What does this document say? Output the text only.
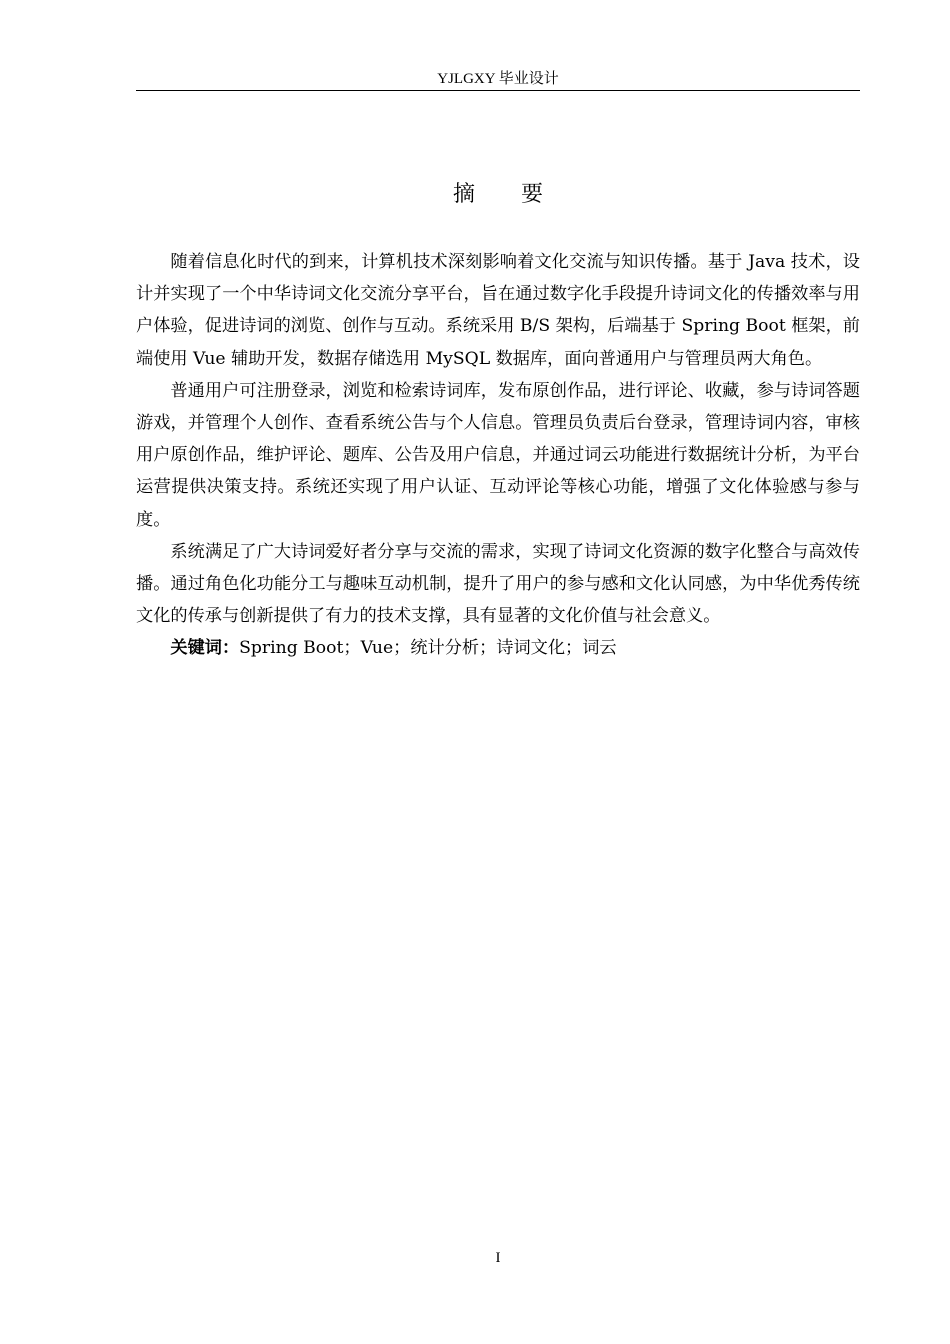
YJLGXY 毕业设计
摘要

随着信息化时代的到来，计算机技术深刻影响着文化交流与知识传播。基于 Java 技术，设计并实现了一个中华诗词文化交流分享平台，旨在通过数字化手段提升诗词文化的传播效率与用户体验，促进诗词的浏览、创作与互动。系统采用 B/S 架构，后端基于 Spring Boot 框架，前端使用 Vue 辅助开发，数据存储选用 MySQL 数据库，面向普通用户与管理员两大角色。

普通用户可注册登录，浏览和检索诗词库，发布原创作品，进行评论、收藏，参与诗词答题游戏，并管理个人创作、查看系统公告与个人信息。管理员负责后台登录，管理诗词内容，审核用户原创作品，维护评论、题库、公告及用户信息，并通过词云功能进行数据统计分析，为平台运营提供决策支持。系统还实现了用户认证、互动评论等核心功能，增强了文化体验感与参与度。

系统满足了广大诗词爱好者分享与交流的需求，实现了诗词文化资源的数字化整合与高效传播。通过角色化功能分工与趣味互动机制，提升了用户的参与感和文化认同感，为中华优秀传统文化的传承与创新提供了有力的技术支撑，具有显著的文化价值与社会意义。

关键词：Spring Boot；Vue；统计分析；诗词文化；词云

I
